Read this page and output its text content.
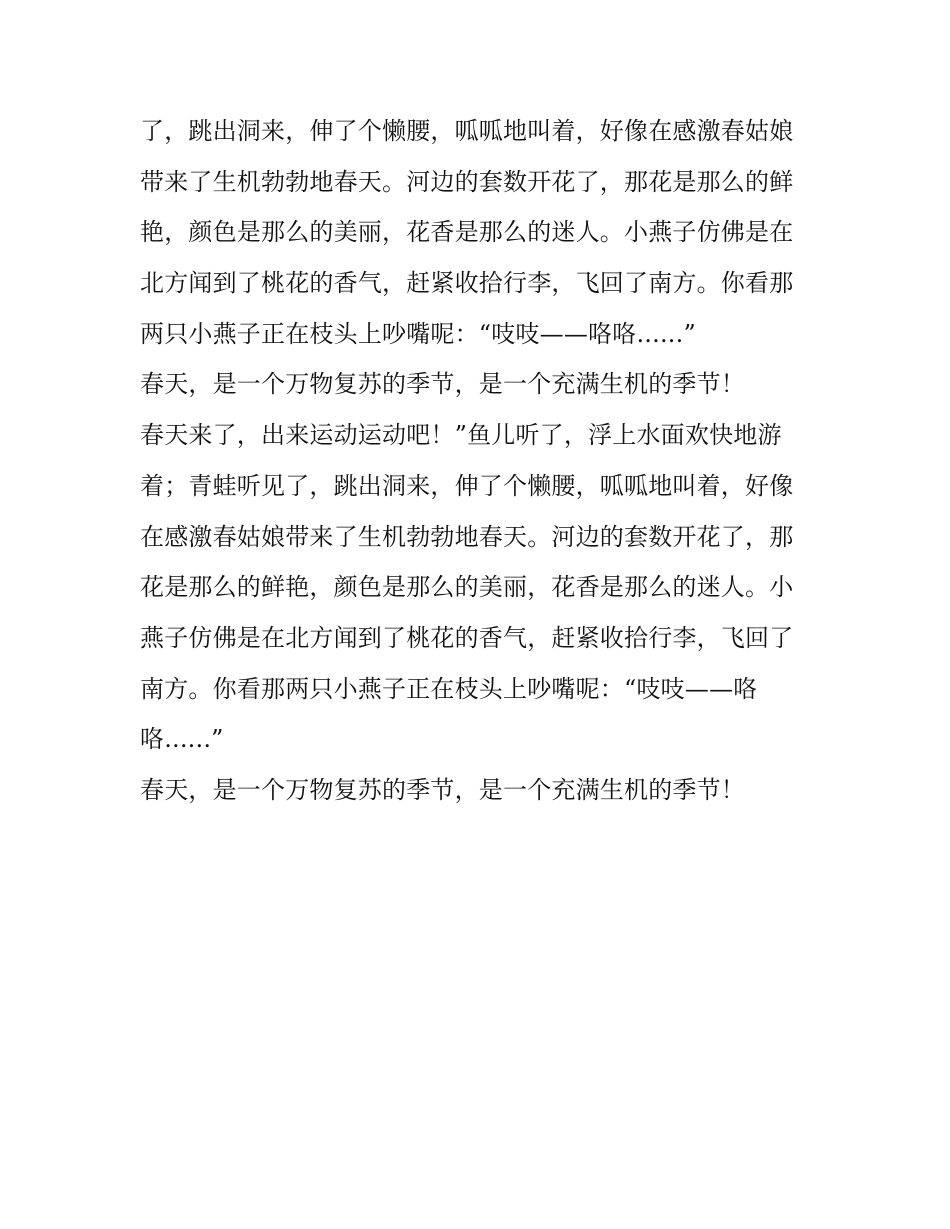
了，跳出洞来，伸了个懒腰，呱呱地叫着，好像在感激春姑娘
带来了生机勃勃地春天。河边的套数开花了，那花是那么的鲜
艳，颜色是那么的美丽，花香是那么的迷人。小燕子仿佛是在
北方闻到了桃花的香气，赶紧收拾行李，飞回了南方。你看那
两只小燕子正在枝头上吵嘴呢：“吱吱——咯咯......”
春天，是一个万物复苏的季节，是一个充满生机的季节！
春天来了，出来运动运动吧！”鱼儿听了，浮上水面欢快地游
着；青蛙听见了，跳出洞来，伸了个懒腰，呱呱地叫着，好像
在感激春姑娘带来了生机勃勃地春天。河边的套数开花了，那
花是那么的鲜艳，颜色是那么的美丽，花香是那么的迷人。小
燕子仿佛是在北方闻到了桃花的香气，赶紧收拾行李，飞回了
南方。你看那两只小燕子正在枝头上吵嘴呢：“吱吱——咯
咯......”
春天，是一个万物复苏的季节，是一个充满生机的季节！
